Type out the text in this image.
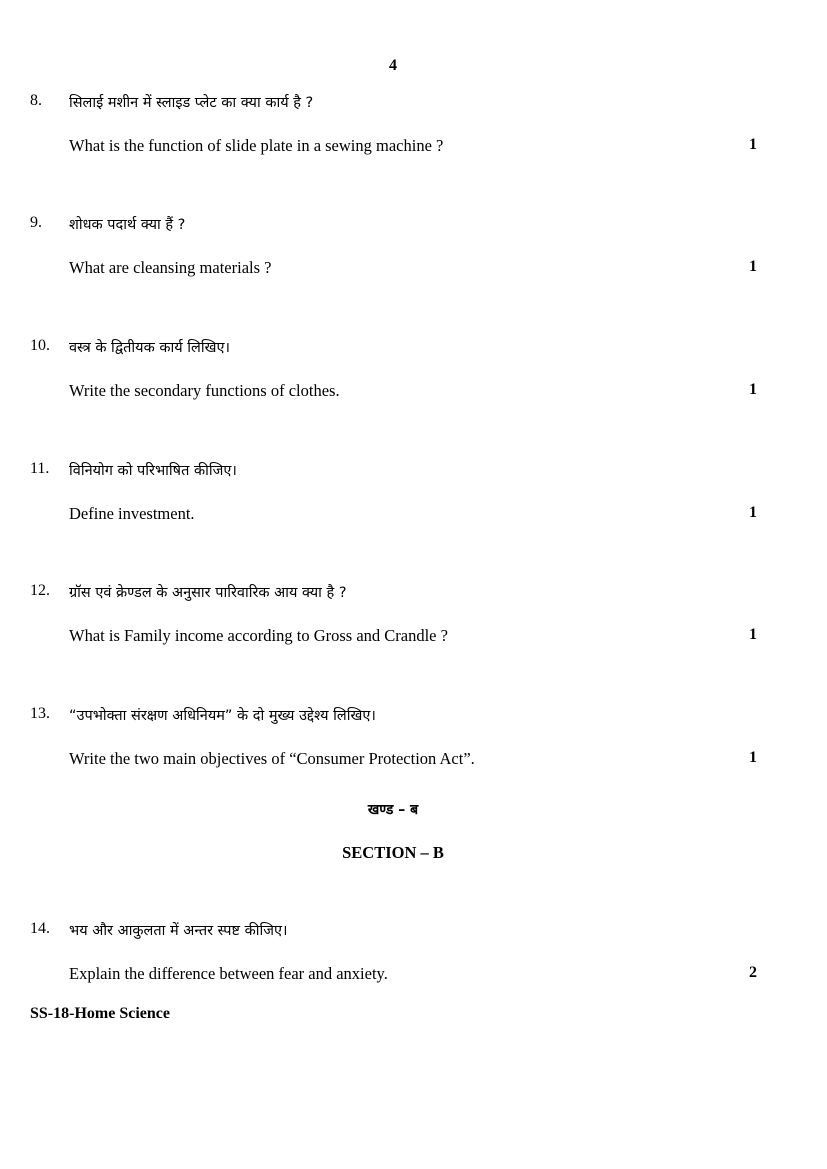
4
8. सिलाई मशीन में स्लाइड प्लेट का क्या कार्य है ?
What is the function of slide plate in a sewing machine ?	1
9. शोधक पदार्थ क्या हैं ?
What are cleansing materials ?	1
10. वस्त्र के द्वितीयक कार्य लिखिए।
Write the secondary functions of clothes.	1
11. विनियोग को परिभाषित कीजिए।
Define investment.	1
12. ग्रॉस एवं क्रेण्डल के अनुसार पारिवारिक आय क्या है ?
What is Family income according to Gross and Crandle ?	1
13. “उपभोक्ता संरक्षण अधिनियम” के दो मुख्य उद्देश्य लिखिए।
Write the two main objectives of “Consumer Protection Act”.	1
खण्ड – ब
SECTION – B
14. भय और आकुलता में अन्तर स्पष्ट कीजिए।
Explain the difference between fear and anxiety.	2
SS-18-Home Science
